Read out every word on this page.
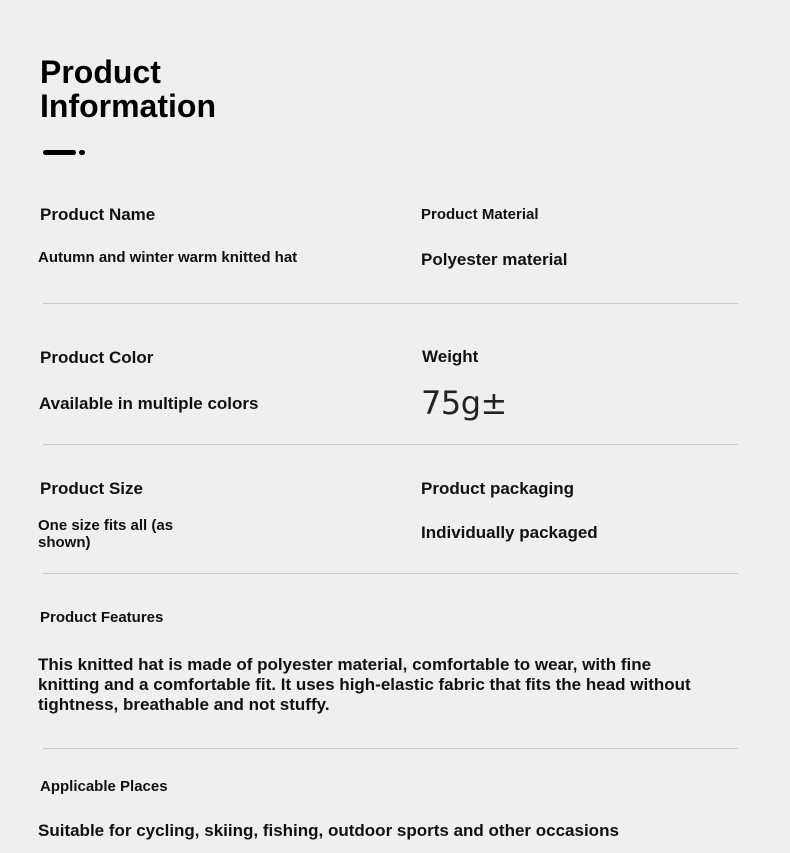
Product
Information
Product Name
Autumn and winter warm knitted hat
Product Material
Polyester material
Product Color
Available in multiple colors
Weight
75g±
Product Size
One size fits all (as shown)
Product packaging
Individually packaged
Product Features
This knitted hat is made of polyester material, comfortable to wear, with fine knitting and a comfortable fit. It uses high-elastic fabric that fits the head without tightness, breathable and not stuffy.
Applicable Places
Suitable for cycling, skiing, fishing, outdoor sports and other occasions
